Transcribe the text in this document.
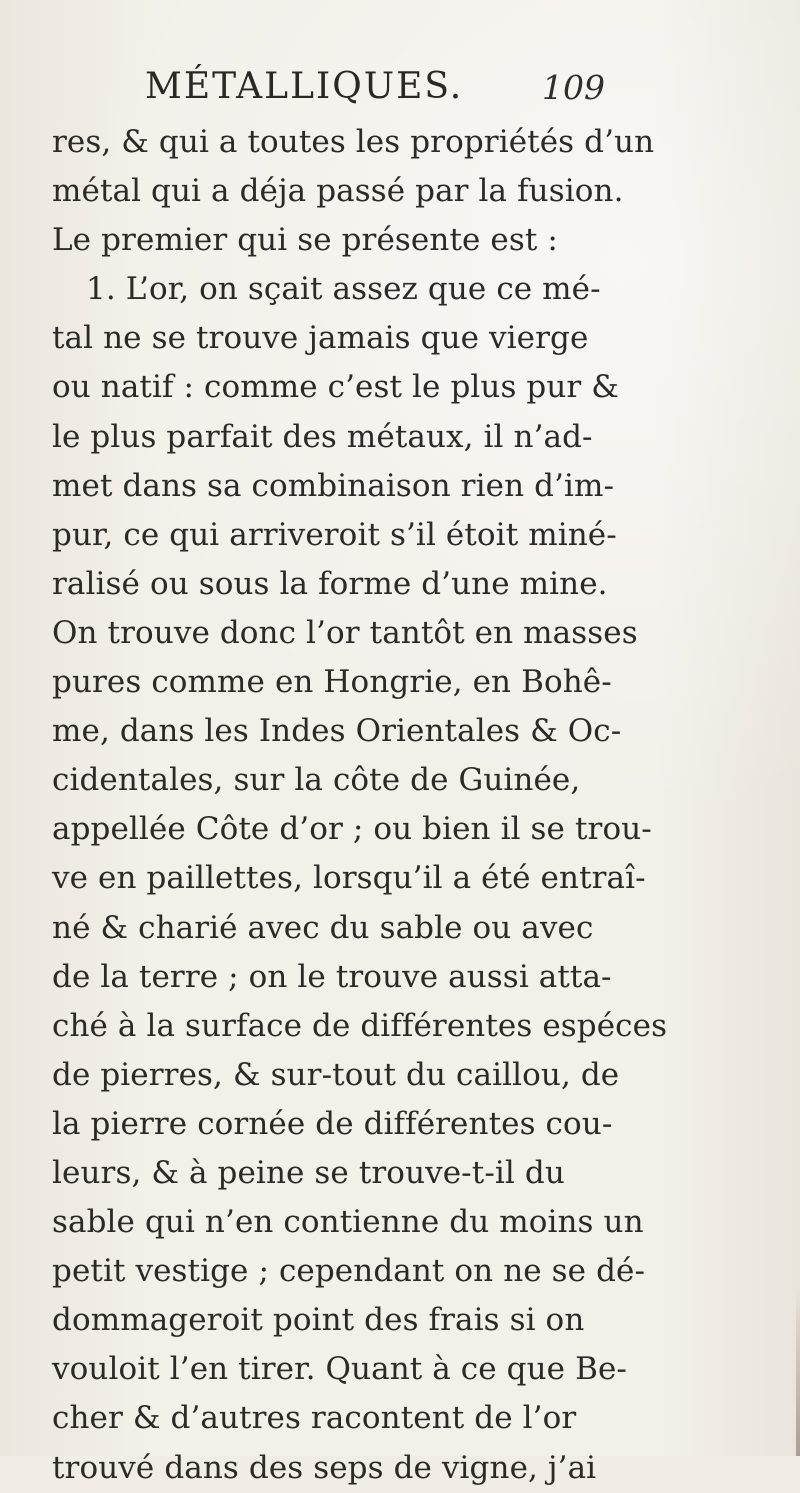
MÉTALLIQUES. 109
res, & qui a toutes les propriétés d’un
métal qui a déja passé par la fusion.
Le premier qui se présente est :
1. L’or, on sçait assez que ce mé-
tal ne se trouve jamais que vierge
ou natif : comme c’est le plus pur &
le plus parfait des métaux, il n’ad-
met dans sa combinaison rien d’im-
pur, ce qui arriveroit s’il étoit miné-
ralisé ou sous la forme d’une mine.
On trouve donc l’or tantôt en masses
pures comme en Hongrie, en Bohê-
me, dans les Indes Orientales & Oc-
cidentales, sur la côte de Guinée,
appellée Côte d’or ; ou bien il se trou-
ve en paillettes, lorsqu’il a été entraî-
né & charié avec du sable ou avec
de la terre ; on le trouve aussi atta-
ché à la surface de différentes espéces
de pierres, & sur-tout du caillou, de
la pierre cornée de différentes cou-
leurs, & à peine se trouve-t-il du
sable qui n’en contienne du moins un
petit vestige ; cependant on ne se dé-
dommageroit point des frais si on
vouloit l’en tirer. Quant à ce que Be-
cher & d’autres racontent de l’or
trouvé dans des seps de vigne, j’ai
